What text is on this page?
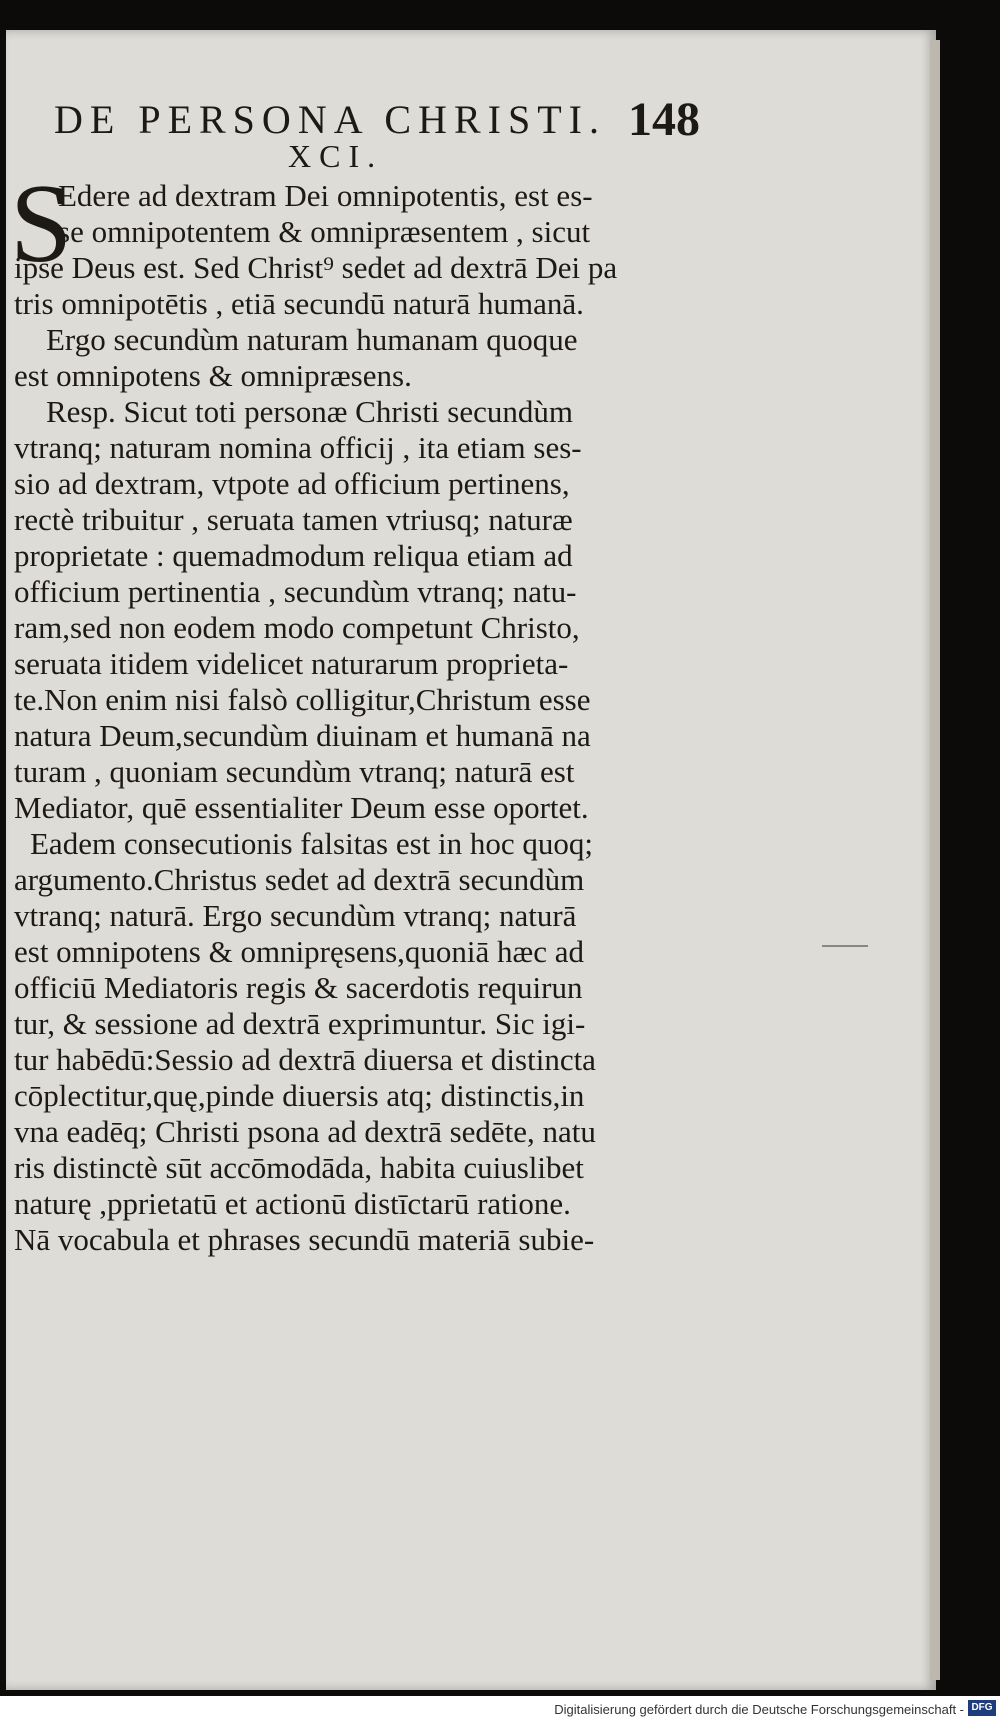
DE PERSONA CHRISTI. 148
XCI.
S
Edere ad dextram Dei omnipotentis, est es-
se omnipotentem & omnipræsentem , sicut
ipse Deus est. Sed Christ⁹ sedet ad dextrā Dei pa
tris omnipotētis , etiā secundū naturā humanā.
Ergo secundùm naturam humanam quoque
est omnipotens & omnipræsens.
Resp. Sicut toti personæ Christi secundùm
vtranq; naturam nomina officij , ita etiam ses-
sio ad dextram, vtpote ad officium pertinens,
rectè tribuitur , seruata tamen vtriusq; naturæ
proprietate : quemadmodum reliqua etiam ad
officium pertinentia , secundùm vtranq; natu-
ram,sed non eodem modo competunt Christo,
seruata itidem videlicet naturarum proprieta-
te.Non enim nisi falsò colligitur,Christum esse
natura Deum,secundùm diuinam et humanā na
turam , quoniam secundùm vtranq; naturā est
Mediator, quē essentialiter Deum esse oportet.
Eadem consecutionis falsitas est in hoc quoq;
argumento.Christus sedet ad dextrā secundùm
vtranq; naturā. Ergo secundùm vtranq; naturā
est omnipotens & omnipręsens,quoniā hæc ad
officiū Mediatoris regis & sacerdotis requirun
tur, & sessione ad dextrā exprimuntur. Sic igi-
tur habēdū:Sessio ad dextrā diuersa et distincta
cōplectitur,quę,pinde diuersis atq; distinctis,in
vna eadēq; Christi psona ad dextrā sedēte, natu
ris distinctè sūt accōmodāda, habita cuiuslibet
naturę ,pprietatū et actionū distīctarū ratione.
Nā vocabula et phrases secundū materiā subie-
Digitalisierung gefördert durch die Deutsche Forschungsgemeinschaft - DFG
